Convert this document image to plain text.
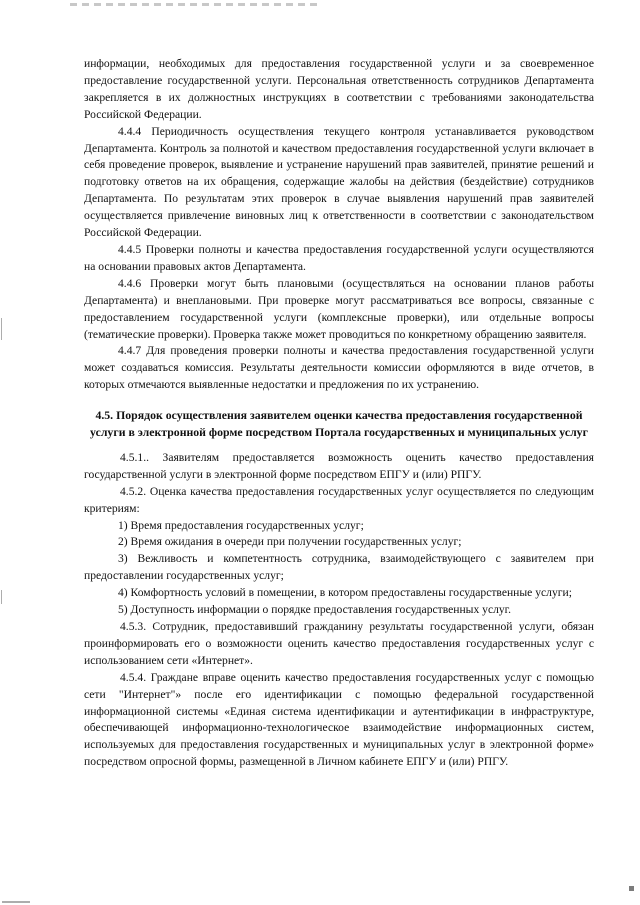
информации, необходимых для предоставления государственной услуги и за своевременное предоставление государственной услуги. Персональная ответственность сотрудников Департамента закрепляется в их должностных инструкциях в соответствии с требованиями законодательства Российской Федерации.

4.4.4 Периодичность осуществления текущего контроля устанавливается руководством Департамента. Контроль за полнотой и качеством предоставления государственной услуги включает в себя проведение проверок, выявление и устранение нарушений прав заявителей, принятие решений и подготовку ответов на их обращения, содержащие жалобы на действия (бездействие) сотрудников Департамента. По результатам этих проверок в случае выявления нарушений прав заявителей осуществляется привлечение виновных лиц к ответственности в соответствии с законодательством Российской Федерации.

4.4.5 Проверки полноты и качества предоставления государственной услуги осуществляются на основании правовых актов Департамента.

4.4.6 Проверки могут быть плановыми (осуществляться на основании планов работы Департамента) и внеплановыми. При проверке могут рассматриваться все вопросы, связанные с предоставлением государственной услуги (комплексные проверки), или отдельные вопросы (тематические проверки). Проверка также может проводиться по конкретному обращению заявителя.

4.4.7 Для проведения проверки полноты и качества предоставления государственной услуги может создаваться комиссия. Результаты деятельности комиссии оформляются в виде отчетов, в которых отмечаются выявленные недостатки и предложения по их устранению.

4.5. Порядок осуществления заявителем оценки качества предоставления государственной услуги в электронной форме посредством Портала государственных и муниципальных услуг

4.5.1.. Заявителям предоставляется возможность оценить качество предоставления государственной услуги в электронной форме посредством ЕПГУ и (или) РПГУ.

4.5.2. Оценка качества предоставления государственных услуг осуществляется по следующим критериям:

1) Время предоставления государственных услуг;

2) Время ожидания в очереди при получении государственных услуг;

3) Вежливость и компетентность сотрудника, взаимодействующего с заявителем при предоставлении государственных услуг;

4) Комфортность условий в помещении, в котором предоставлены государственные услуги;

5) Доступность информации о порядке предоставления государственных услуг.

4.5.3. Сотрудник, предоставивший гражданину результаты государственной услуги, обязан проинформировать его о возможности оценить качество предоставления государственных услуг с использованием сети «Интернет».

4.5.4. Граждане вправе оценить качество предоставления государственных услуг с помощью сети "Интернет"» после его идентификации с помощью федеральной государственной информационной системы «Единая система идентификации и аутентификации в инфраструктуре, обеспечивающей информационно-технологическое взаимодействие информационных систем, используемых для предоставления государственных и муниципальных услуг в электронной форме» посредством опросной формы, размещенной в Личном кабинете ЕПГУ и (или) РПГУ.
